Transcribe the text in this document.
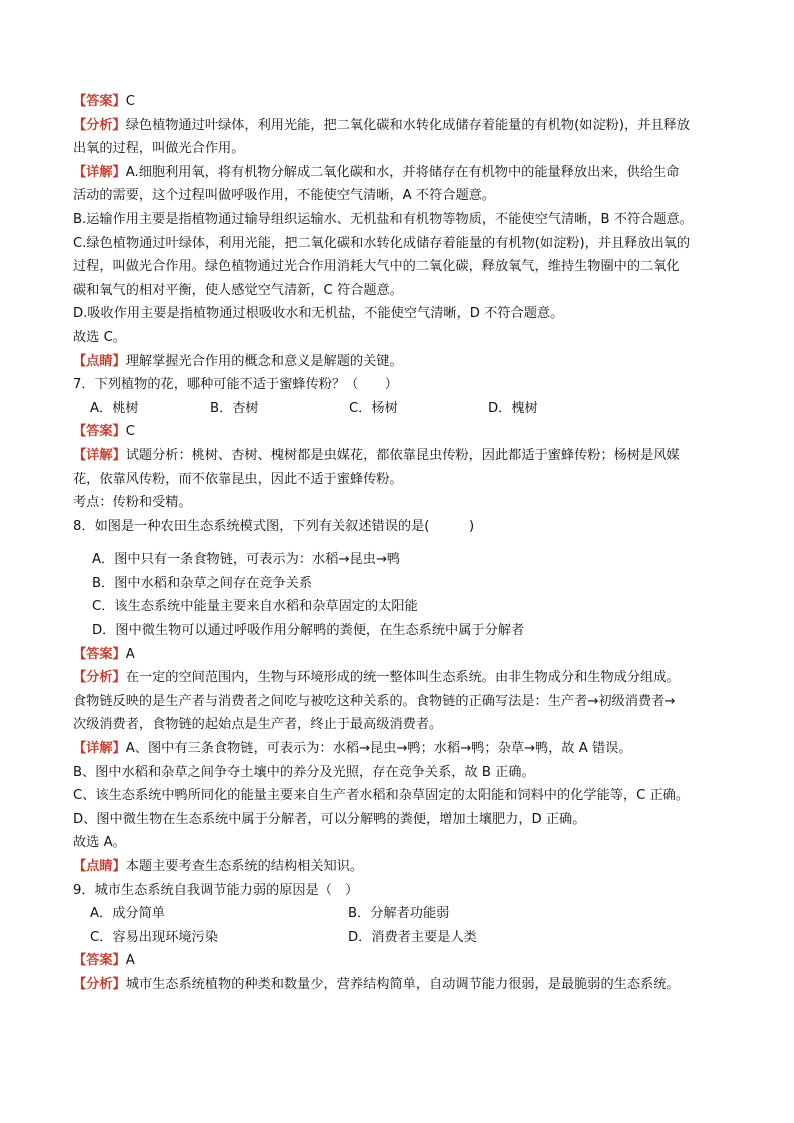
【答案】C
【分析】绿色植物通过叶绿体，利用光能，把二氧化碳和水转化成储存着能量的有机物(如淀粉)，并且释放
出氧的过程，叫做光合作用。
【详解】A.细胞利用氧，将有机物分解成二氧化碳和水，并将储存在有机物中的能量释放出来，供给生命
活动的需要，这个过程叫做呼吸作用，不能使空气清晰，A 不符合题意。
B.运输作用主要是指植物通过输导组织运输水、无机盐和有机物等物质，不能使空气清晰，B 不符合题意。
C.绿色植物通过叶绿体，利用光能，把二氧化碳和水转化成储存着能量的有机物(如淀粉)，并且释放出氧的
过程，叫做光合作用。绿色植物通过光合作用消耗大气中的二氧化碳，释放氧气，维持生物圈中的二氧化
碳和氧气的相对平衡，使人感觉空气清新，C 符合题意。
D.吸收作用主要是指植物通过根吸收水和无机盐，不能使空气清晰，D 不符合题意。
故选 C。
【点睛】理解掌握光合作用的概念和意义是解题的关键。
7．下列植物的花，哪种可能不适于蜜蜂传粉？（　　）
A．桃树	B．杏树	C．杨树	D．槐树
【答案】C
【详解】试题分析：桃树、杏树、槐树都是虫媒花，都依靠昆虫传粉，因此都适于蜜蜂传粉；杨树是风媒
花，依靠风传粉，而不依靠昆虫，因此不适于蜜蜂传粉。
考点：传粉和受精。
8．如图是一种农田生态系统模式图，下列有关叙述错误的是(　　　)
A．图中只有一条食物链，可表示为：水稻→昆虫→鸭
B．图中水稻和杂草之间存在竞争关系
C．该生态系统中能量主要来自水稻和杂草固定的太阳能
D．图中微生物可以通过呼吸作用分解鸭的粪便，在生态系统中属于分解者
【答案】A
【分析】在一定的空间范围内，生物与环境形成的统一整体叫生态系统。由非生物成分和生物成分组成。
食物链反映的是生产者与消费者之间吃与被吃这种关系的。食物链的正确写法是：生产者→初级消费者→
次级消费者，食物链的起始点是生产者，终止于最高级消费者。
【详解】A、图中有三条食物链，可表示为：水稻→昆虫→鸭；水稻→鸭；杂草→鸭，故 A 错误。
B、图中水稻和杂草之间争夺土壤中的养分及光照，存在竞争关系，故 B 正确。
C、该生态系统中鸭所同化的能量主要来自生产者水稻和杂草固定的太阳能和饲料中的化学能等，C 正确。
D、图中微生物在生态系统中属于分解者，可以分解鸭的粪便，增加土壤肥力，D 正确。
故选 A。
【点睛】本题主要考查生态系统的结构相关知识。
9．城市生态系统自我调节能力弱的原因是（　）
A．成分简单	B．分解者功能弱
C．容易出现环境污染	D．消费者主要是人类
【答案】A
【分析】城市生态系统植物的种类和数量少，营养结构简单，自动调节能力很弱，是最脆弱的生态系统。
